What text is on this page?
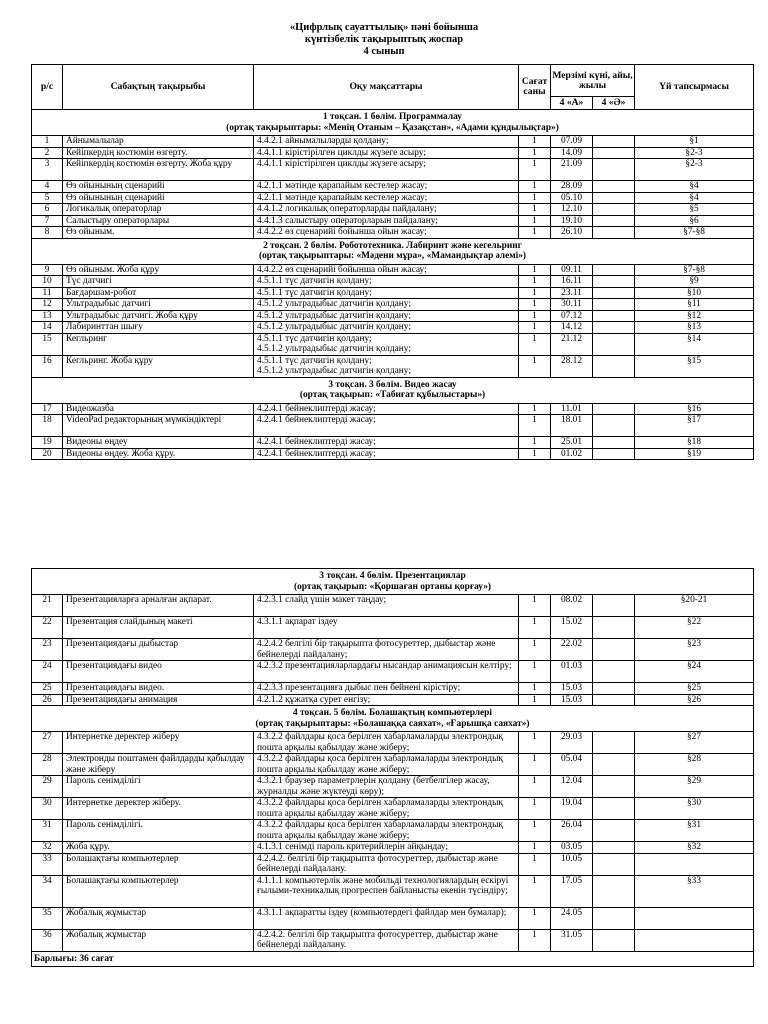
«Цифрлық сауаттылық» пәні бойынша
күнтізбелік тақырыптық жоспар
4 сынып
р/с	Сабақтың тақырыбы	Оқу мақсаттары	Сағат саны	Мерзімі күні, айы, жылы		Үй тапсырмасы
				4 «А»	4 «Ә»	

1 тоқсан. 1 бөлім. Программалау
(ортақ тақырыптары: «Менің Отаным – Қазақстан», «Адами құндылықтар»)						

1	Айнымалылар	4.4.2.1 айнымалыларды қолдану;	1	07.09		§1
2	Кейіпкердің костюмін өзгерту.	4.4.1.1 кірістірілген циклды жүзеге асыру;	1	14.09		§2-3
3	Кейіпкердің костюмін өзгерту. Жоба құру	4.4.1.1 кірістірілген циклды жүзеге асыру;	1	21.09		§2-3
4	Өз ойынының сценарийі	4.2.1.1 мәтінде қарапайым кестелер жасау;	1	28.09		§4
5	Өз ойынының сценарийі	4.2.1.1 мәтінде қарапайым кестелер жасау;	1	05.10		§4
6	Логикалық операторлар	4.4.1.2 логикалық операторларды пайдалану;	1	12.10		§5
7	Салыстыру операторлары	4.4.1.3 салыстыру операторларын пайдалану;	1	19.10		§6
8	Өз ойыным.	4.4.2.2 өз сценарийі бойынша ойын жасау;	1	26.10		§7-§8

2 тоқсан. 2 бөлім. Робототехника. Лабиринт және кегельринг
(ортақ тақырыптары: «Мәдени мұра», «Мамандықтар әлемі»)						

9	Өз ойыным. Жоба құру	4.4.2.2 өз сценарийі бойынша ойын жасау;	1	09.11		§7-§8
10	Түс датчигі	4.5.1.1 түс датчигін қолдану;	1	16.11		§9
11	Бағдаршам-робот	4.5.1.1 түс датчигін қолдану;	1	23.11		§10
12	Ультрадыбыс датчигі	4.5.1.2 ультрадыбыс датчигін қолдану;	1	30.11		§11
13	Ультрадыбыс датчигі. Жоба құру	4.5.1.2 ультрадыбыс датчигін қолдану;	1	07.12		§12
14	Лабиринттан шығу	4.5.1.2 ультрадыбыс датчигін қолдану;	1	14.12		§13
15	Кегльринг	4.5.1.1 түс датчигін қолдану;
4.5.1.2 ультрадыбыс датчигін қолдану;	1	21.12		§14
16	Кегльринг. Жоба құру	4.5.1.1 түс датчигін қолдану;
4.5.1.2 ультрадыбыс датчигін қолдану;	1	28.12		§15

3 тоқсан. 3 бөлім. Видео жасау
(ортақ тақырып: «Табиғат құбылыстары»)						

17	Видеожазба	4.2.4.1 бейнеклиптерді жасау;	1	11.01		§16
18	VideoPad редакторының мүмкіндіктері	4.2.4.1 бейнеклиптерді жасау;	1	18.01		§17
19	Видеоны өңдеу	4.2.4.1 бейнеклиптерді жасау;	1	25.01		§18
20	Видеоны өңдеу. Жоба құру.	4.2.4.1 бейнеклиптерді жасау;	1	01.02		§19
3 тоқсан. 4 бөлім. Презентациялар
(ортақ тақырып: «Қоршаған ортаны қорғау»)						

21	Презентацияларға арналған ақпарат.	4.2.3.1 слайд үшін макет таңдау;	1	08.02		§20-21
22	Презентация слайдының макеті	4.3.1.1 ақпарат іздеу	1	15.02		§22
23	Презентациядағы дыбыстар	4.2.4.2 белгілі бір тақырыпта фотосуреттер, дыбыстар және бейнелерді пайдалану;	1	22.02		§23
24	Презентациядағы видео	4.2.3.2 презентацияларлардағы нысандар анимациясын келтіру;	1	01.03		§24
25	Презентациядағы видео.	4.2.3.3 презентацияға дыбыс пен бейнені кірістіру;	1	15.03		§25
26	Презентациядағы анимация	4.2.1.2 құжатқа сурет енгізу;	1	15.03		§26

4 тоқсан. 5 бөлім. Болашақтың компьютерлері
(ортақ тақырыптары: «Болашаққа саяхат», «Ғарышқа саяхат»)						

27	Интернетке деректер жіберу	4.3.2.2 файлдары қоса берілген хабарламаларды электрондық пошта арқылы қабылдау және жіберу;	1	29.03		§27
28	Электронды поштамен файлдарды қабылдау және жіберу	4.3.2.2 файлдары қоса берілген хабарламаларды электрондық пошта арқылы қабылдау және жіберу;	1	05.04		§28
29	Пароль сенімділігі	4.3.2.1 браузер параметрлерін қолдану (бетбелгілер жасау, журналды және жүктеуді көру);	1	12.04		§29
30	Интернетке деректер жіберу.	4.3.2.2 файлдары қоса берілген хабарламаларды электрондық пошта арқылы қабылдау және жіберу;	1	19.04		§30
31	Пароль сенімділігі.	4.3.2.2 файлдары қоса берілген хабарламаларды электрондық пошта арқылы қабылдау және жіберу;	1	26.04		§31
32	Жоба құру.	4.1.3.1 сенімді пароль критерийлерін айқындау;	1	03.05		§32
33	Болашақтағы компьютерлер	4.2.4.2. белгілі бір тақырыпта фотосуреттер, дыбыстар және бейнелерді пайдалану.	1	10.05		
34	Болашақтағы компьютерлер	4.1.1.1 компьютерлік және мобильді технологиялардың ескіруі ғылыми-техникалық прогреспен байланысты екенін түсіндіру;	1	17.05		§33
35	Жобалық жұмыстар	4.3.1.1 ақпаратты іздеу (компьютердегі файлдар мен бумалар);	1	24.05		
36	Жобалық жұмыстар	4.2.4.2. белгілі бір тақырыпта фотосуреттер, дыбыстар және бейнелерді пайдалану.	1	31.05		
Барлығы: 36 сағат						
